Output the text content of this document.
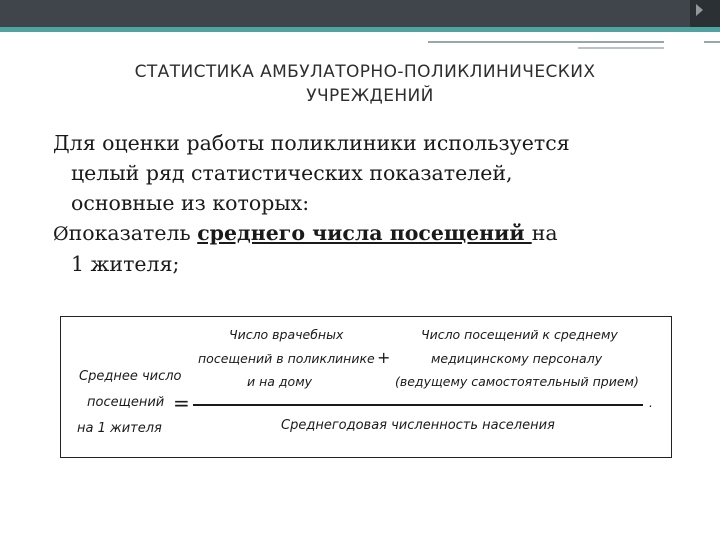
СТАТИСТИКА АМБУЛАТОРНО-ПОЛИКЛИНИЧЕСКИХ
УЧРЕЖДЕНИЙ
Для оценки работы поликлиники используется
целый ряд статистических показателей,
основные из которых:
Øпоказатель среднего числа посещений на
1 жителя;
Среднее число
посещений
на 1 жителя
=
Число врачебных
посещений в поликлинике
и на дому
+
Число посещений к среднему
медицинскому персоналу
(ведущему самостоятельный прием)
.
Среднегодовая численность населения
